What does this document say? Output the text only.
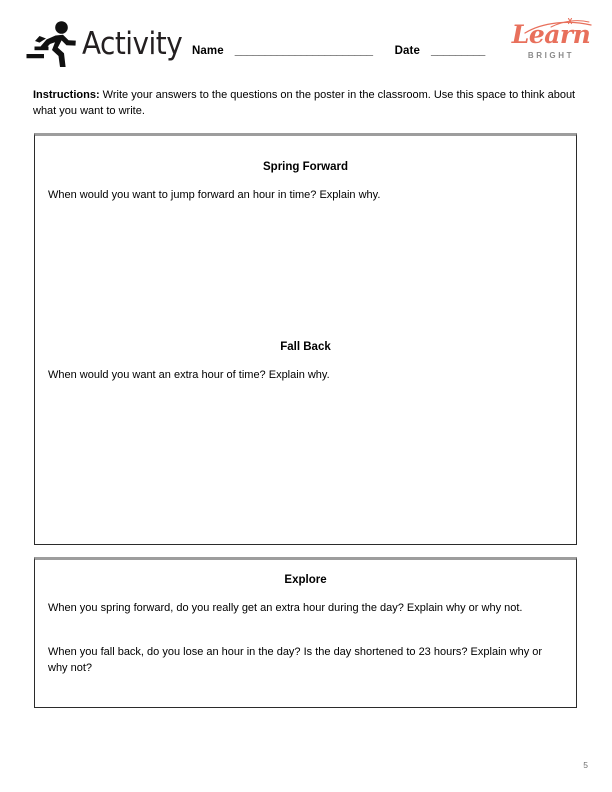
Activity Name _______________________ Date _________
Learn
BRIGHT
Instructions: Write your answers to the questions on the poster in the classroom. Use this space to think about what you want to write.
Spring Forward
When would you want to jump forward an hour in time? Explain why.
Fall Back
When would you want an extra hour of time? Explain why.
Explore
When you spring forward, do you really get an extra hour during the day? Explain why or why not.
When you fall back, do you lose an hour in the day? Is the day shortened to 23 hours? Explain why or why not?
5
